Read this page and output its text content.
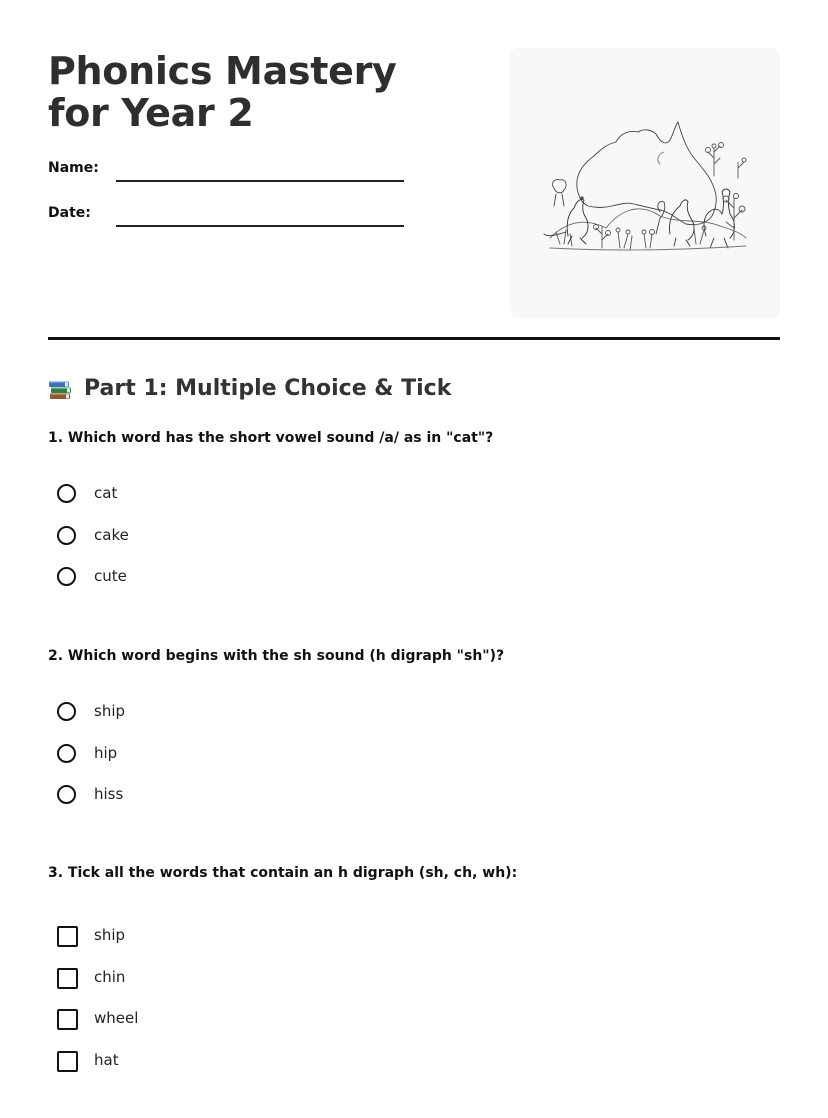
Phonics Mastery for Year 2
Name:
Date:
Part 1: Multiple Choice & Tick

1. Which word has the short vowel sound /a/ as in "cat"?

cat
cake
cute

2. Which word begins with the sh sound (h digraph "sh")?

ship
hip
hiss

3. Tick all the words that contain an h digraph (sh, ch, wh):

ship
chin
wheel
hat
